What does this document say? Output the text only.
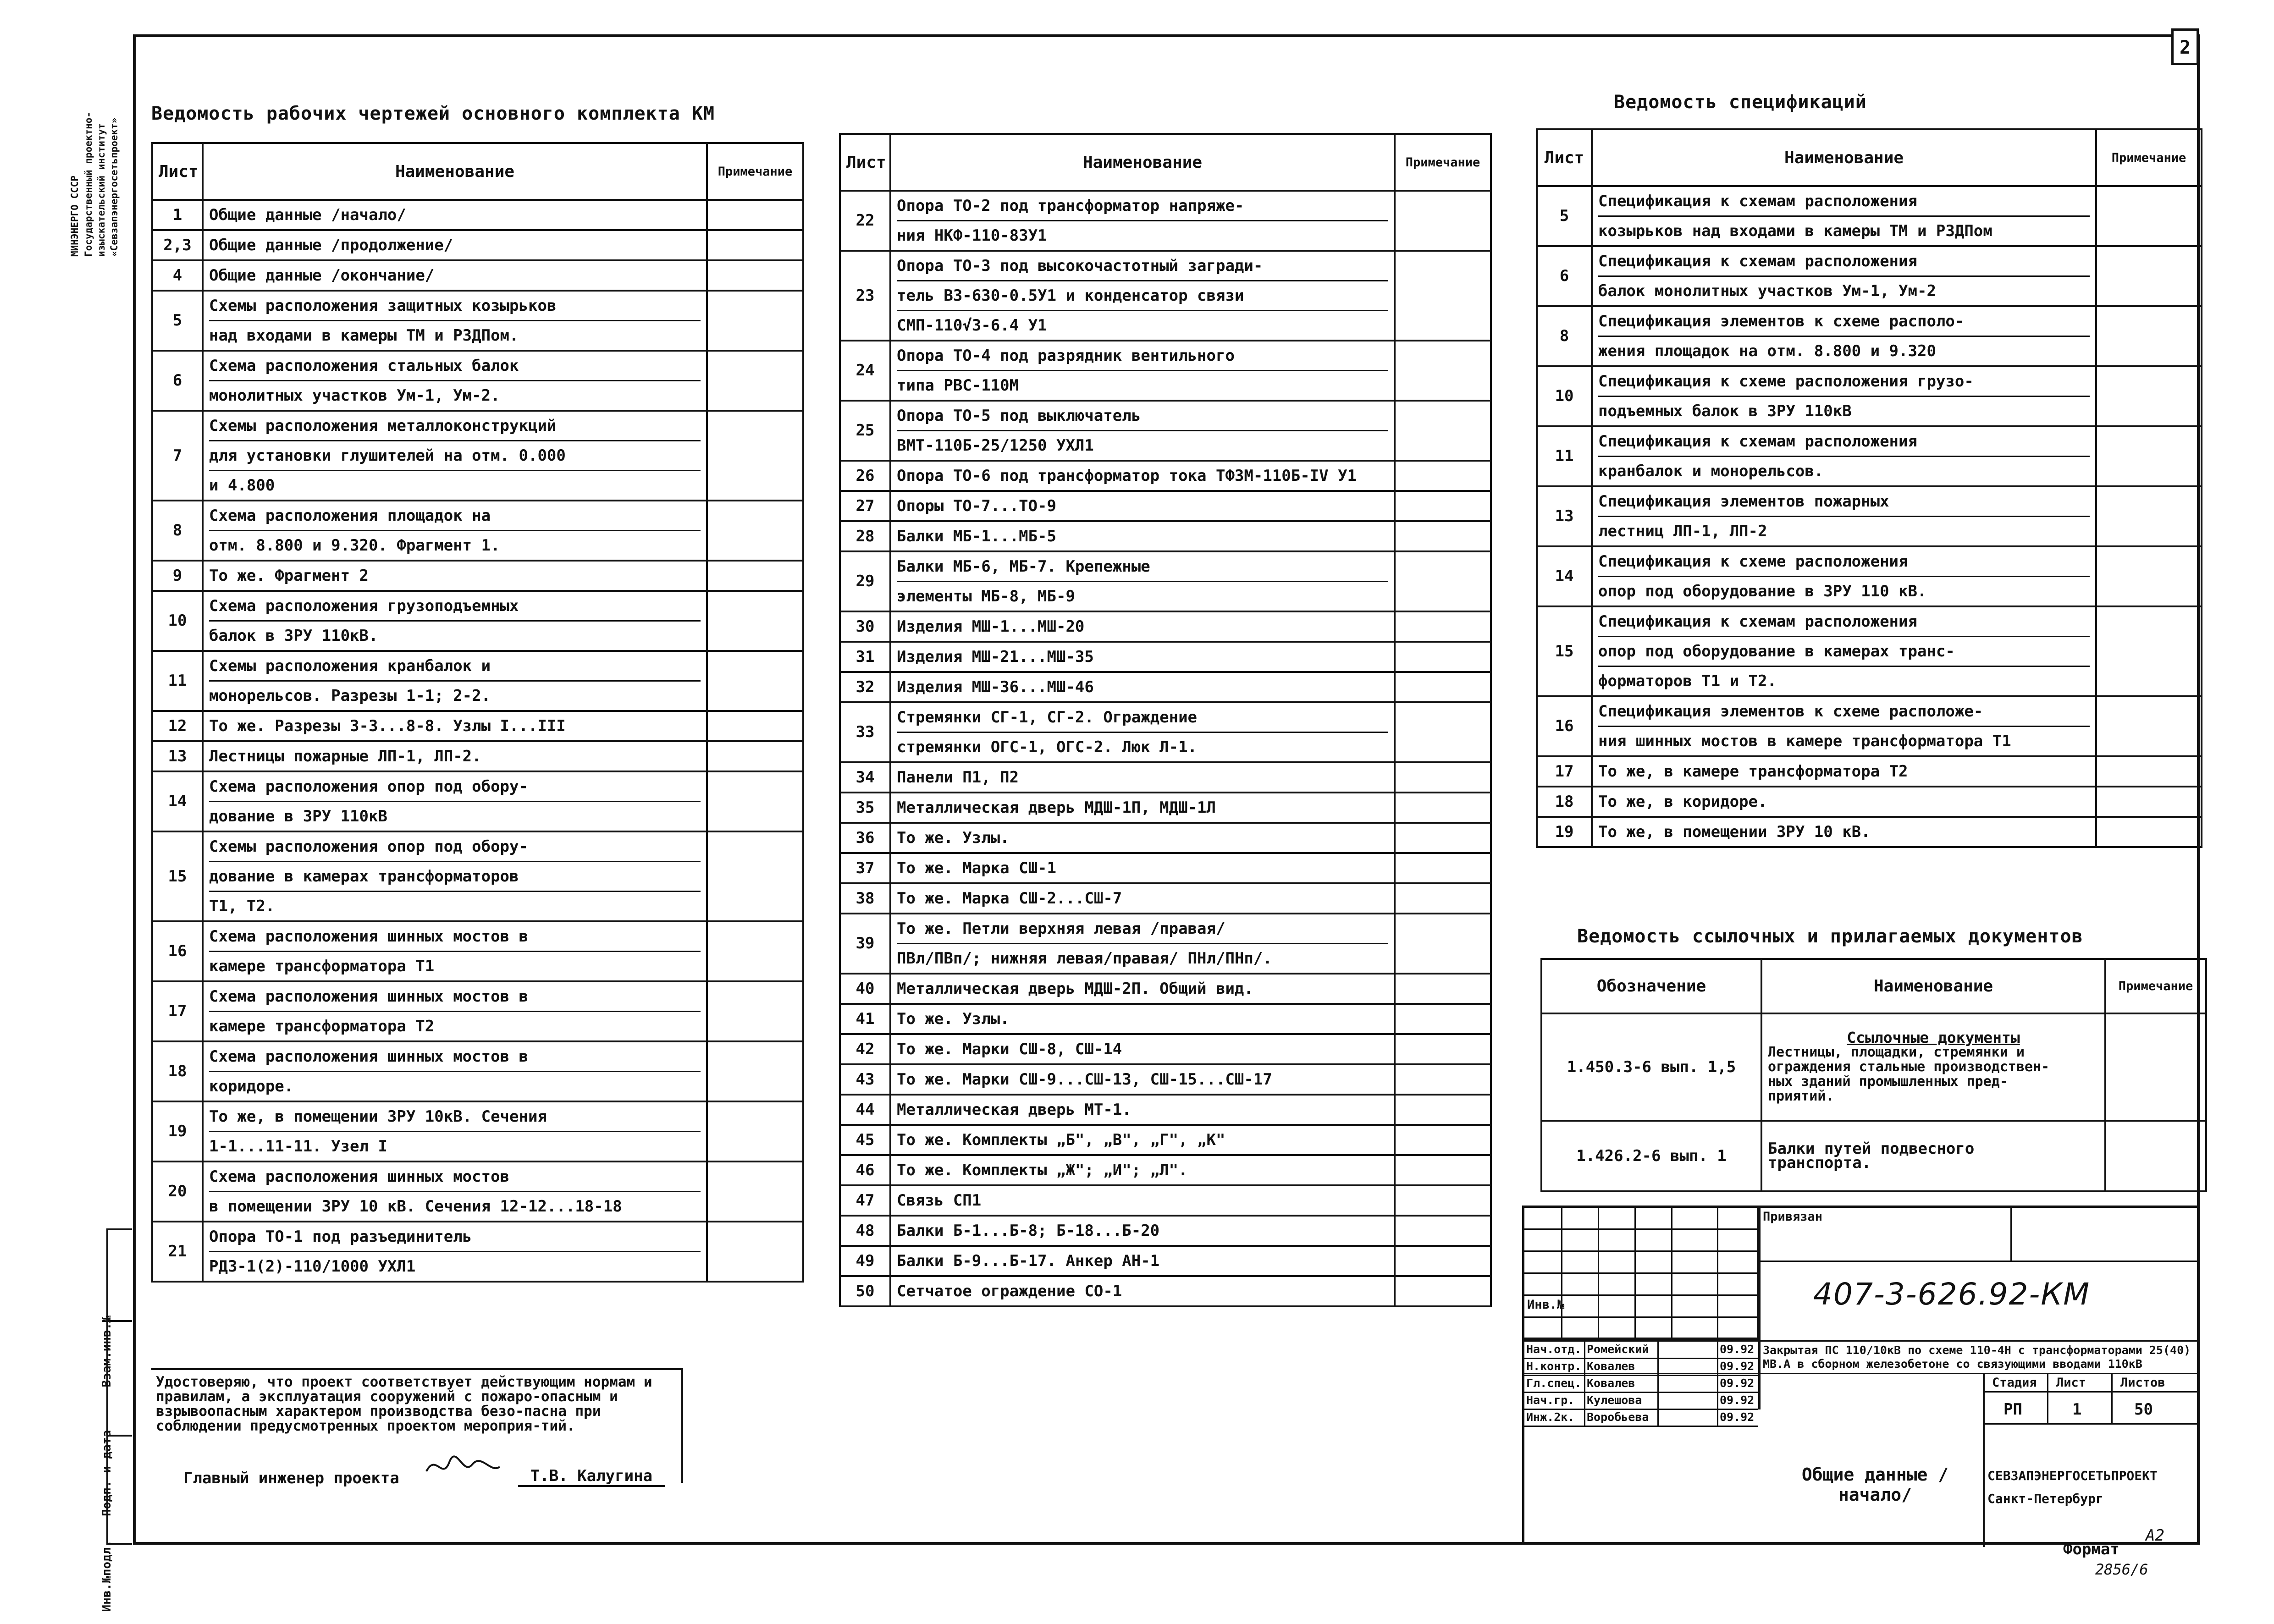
2
МИНЭНЕРГО СССР Государственный проектно- изыскательский институт «Севзапэнергосетьпроект»
Взам.инв.№
Подп. и дата
Инв.№подл.
Ведомость рабочих чертежей основного комплекта КМ
Лист	Наименование	Примечание
1	Общие данные /начало/	

2,3	Общие данные /продолжение/	

4	Общие данные /окончание/	

5	Схемы расположения защитных козырьков
над входами в камеры ТМ и РЗДПом.	

6	Схема расположения стальных балок
монолитных участков Ум-1, Ум-2.	

7	Схемы расположения металлоконструкций
для установки глушителей на отм. 0.000
и 4.800	

8	Схема расположения площадок на
отм. 8.800 и 9.320. Фрагмент 1.	

9	То же. Фрагмент 2	

10	Схема расположения грузоподъемных
балок в ЗРУ 110кВ.	

11	Схемы расположения кранбалок и
монорельсов. Разрезы 1-1; 2-2.	

12	То же. Разрезы 3-3...8-8. Узлы I...III	

13	Лестницы пожарные ЛП-1, ЛП-2.	

14	Схема расположения опор под обору-
дование в ЗРУ 110кВ	

15	Схемы расположения опор под обору-
дование в камерах трансформаторов
Т1, Т2.	

16	Схема расположения шинных мостов в
камере трансформатора Т1	

17	Схема расположения шинных мостов в
камере трансформатора Т2	

18	Схема расположения шинных мостов в
коридоре.	

19	То же, в помещении ЗРУ 10кВ. Сечения
1-1...11-11. Узел I	

20	Схема расположения шинных мостов
в помещении ЗРУ 10 кВ. Сечения 12-12...18-18	

21	Опора ТО-1 под разъединитель
РДЗ-1(2)-110/1000 УХЛ1	

Лист	Наименование	Примечание
22	Опора ТО-2 под трансформатор напряже-
ния НКФ-110-83У1	

23	Опора ТО-3 под высокочастотный загради-
тель ВЗ-630-0.5У1 и конденсатор связи
СМП-110√3-6.4 У1	

24	Опора ТО-4 под разрядник вентильного
типа РВС-110М	

25	Опора ТО-5 под выключатель
ВМТ-110Б-25/1250 УХЛ1	

26	Опора ТО-6 под трансформатор тока ТФЗМ-110Б-IV У1	

27	Опоры ТО-7...ТО-9	

28	Балки МБ-1...МБ-5	

29	Балки МБ-6, МБ-7. Крепежные
элементы МБ-8, МБ-9	

30	Изделия МШ-1...МШ-20	

31	Изделия МШ-21...МШ-35	

32	Изделия МШ-36...МШ-46	

33	Стремянки СГ-1, СГ-2. Ограждение
стремянки ОГС-1, ОГС-2. Люк Л-1.	

34	Панели П1, П2	

35	Металлическая дверь МДШ-1П, МДШ-1Л	

36	То же. Узлы.	

37	То же. Марка СШ-1	

38	То же. Марка СШ-2...СШ-7	

39	То же. Петли верхняя левая /правая/
ПВл/ПВп/; нижняя левая/правая/ ПНл/ПНп/.	

40	Металлическая дверь МДШ-2П. Общий вид.	

41	То же. Узлы.	

42	То же. Марки СШ-8, СШ-14	

43	То же. Марки СШ-9...СШ-13, СШ-15...СШ-17	

44	Металлическая дверь МТ-1.	

45	То же. Комплекты „Б", „В", „Г", „К"	

46	То же. Комплекты „Ж"; „И"; „Л".	

47	Связь СП1	

48	Балки Б-1...Б-8; Б-18...Б-20	

49	Балки Б-9...Б-17. Анкер АН-1	

50	Сетчатое ограждение СО-1	

Ведомость спецификаций
Лист	Наименование	Примечание
5	Спецификация к схемам расположения
козырьков над входами в камеры ТМ и РЗДПом	

6	Спецификация к схемам расположения
балок монолитных участков Ум-1, Ум-2	

8	Спецификация элементов к схеме располо-
жения площадок на отм. 8.800 и 9.320	

10	Спецификация к схеме расположения грузо-
подъемных балок в ЗРУ 110кВ	

11	Спецификация к схемам расположения
кранбалок и монорельсов.	

13	Спецификация элементов пожарных
лестниц ЛП-1, ЛП-2	

14	Спецификация к схеме расположения
опор под оборудование в ЗРУ 110 кВ.	

15	Спецификация к схемам расположения
опор под оборудование в камерах транс-
форматоров Т1 и Т2.	

16	Спецификация элементов к схеме расположе-
ния шинных мостов в камере трансформатора Т1	

17	То же, в камере трансформатора Т2	

18	То же, в коридоре.	

19	То же, в помещении ЗРУ 10 кВ.	

Ведомость ссылочных и прилагаемых документов
Обозначение	Наименование	Примечание
1.450.3-6 вып. 1,5	Ссылочные документы
Лестницы, площадки, стремянки и
ограждения стальные производствен-
ных зданий промышленных пред-
приятий.	

1.426.2-6 вып. 1	Балки путей подвесного
транспорта.	

Удостоверяю, что проект соответствует действующим нормам и правилам, а эксплуатация сооружений с пожаро-опасным и взрывоопасным характером производства безо-пасна при соблюдении предусмотренных проектом мероприя-тий.

Главный инженер проекта	Т.В. Калугина
Привязан
Инв.№	407-3-626.92-КМ
Нач.отд. Ромейский	09.92
Н.контр. Ковалев	09.92
Гл.спец. Ковалев	09.92
Нач.гр. Кулешова	09.92
Инж.2к. Воробьева	09.92
Закрытая ПС 110/10кВ по схеме 110-4Н с трансформаторами 25(40) МВ.А в сборном железобетоне со связующими вводами 110кВ
Стадия Лист	Листов
РП	1	50
СЕВЗАПЭНЕРГОСЕТЬПРОЕКТ Санкт-Петербург
Общие данные /начало/
Формат
A2
2856/6
